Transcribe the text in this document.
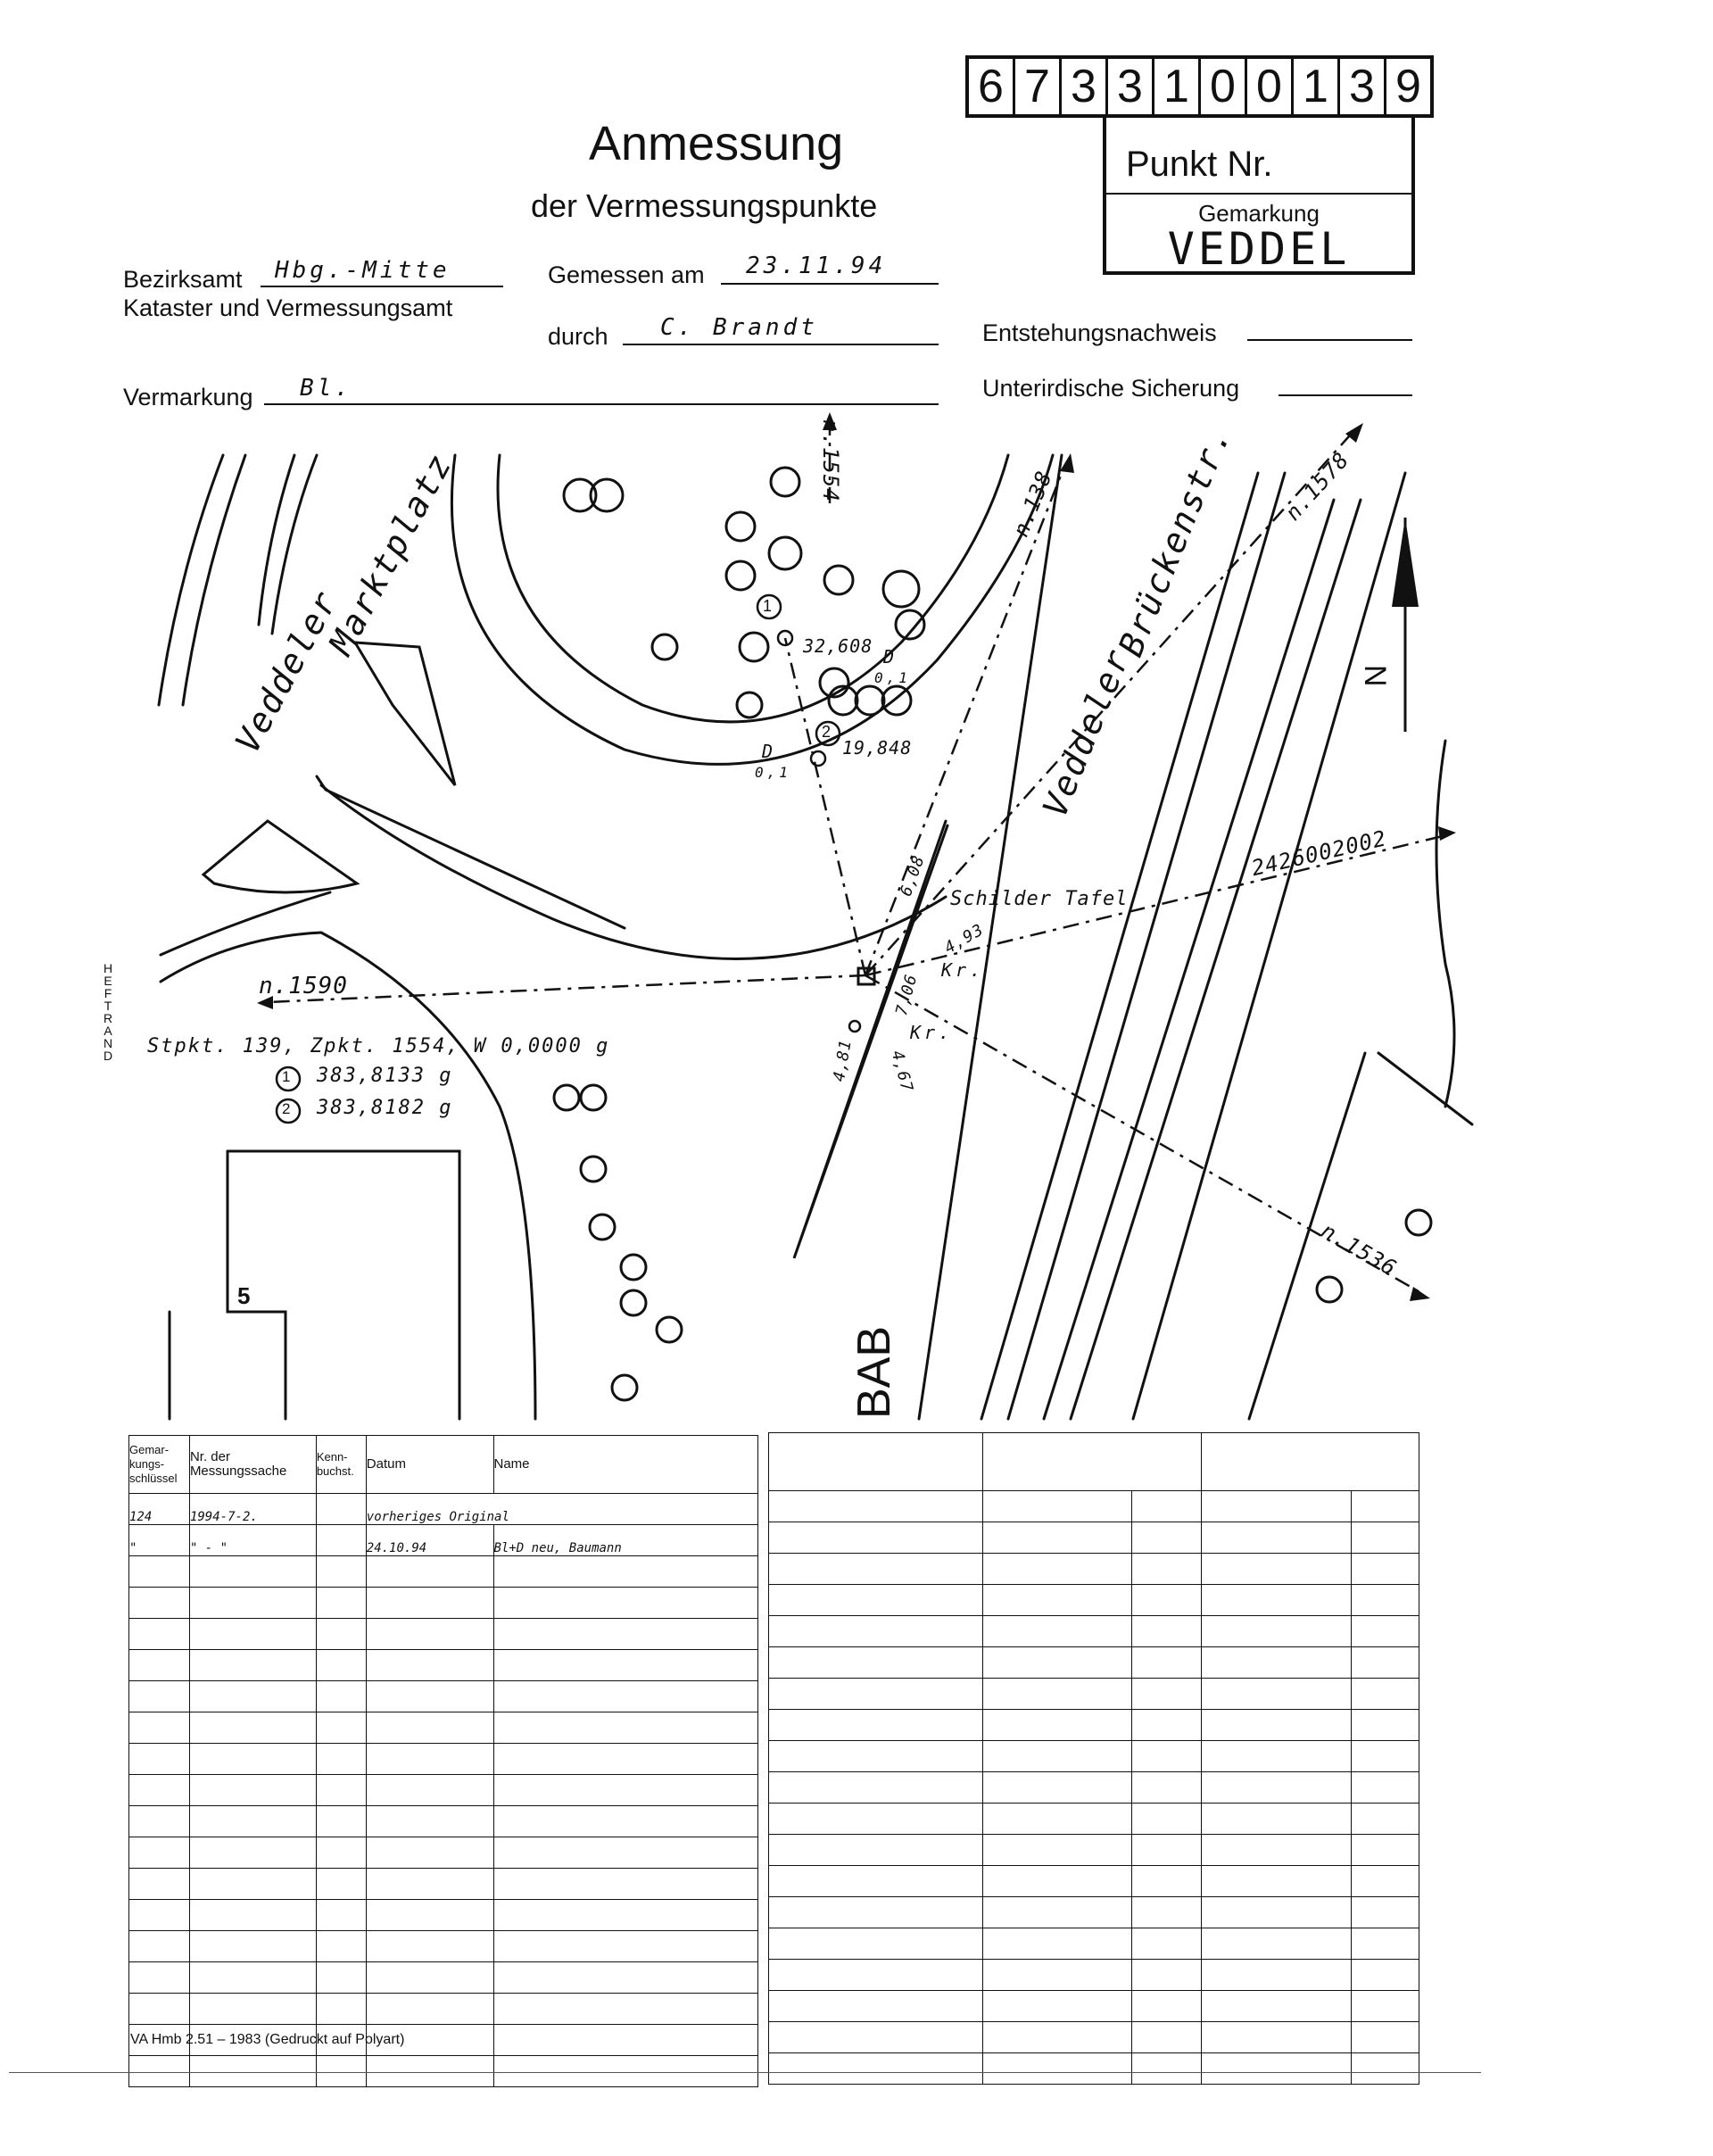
6 7 3 3 1 0 0 1 3 9
Punkt Nr.
Gemarkung
VEDDEL
Anmessung
der Vermessungspunkte
Bezirksamt Hbg.-Mitte
Kataster und Vermessungsamt
Gemessen am 23.11.94
durch C. Brandt	Entstehungsnachweis
Vermarkung Bl.	Unterirdische Sicherung
HEFTRAND
Veddeler
Marktplatz
Veddeler
Brückenstr.
BAB
N
n.1554
n.138	n.1578
n.1590
n.1536
2426002002
32,608
19,848
6,08
4,93
7,06
4,81 4,67
D
0,1
D
0,1
Kr.
Kr.
1
2
Schilder Tafel
5
Stpkt. 139, Zpkt. 1554, W 0,0000 g
1 383,8133 g
2 383,8182 g
Gemar-kungs-schlüssel	Nr. der Messungssache	Kenn-buchst.	Datum	Name
124	1994-7-2.		vorheriges Original	
"	" - "		24.10.94	Bl+D neu, Baumann

VA Hmb 2.51 – 1983 (Gedruckt auf Polyart)
